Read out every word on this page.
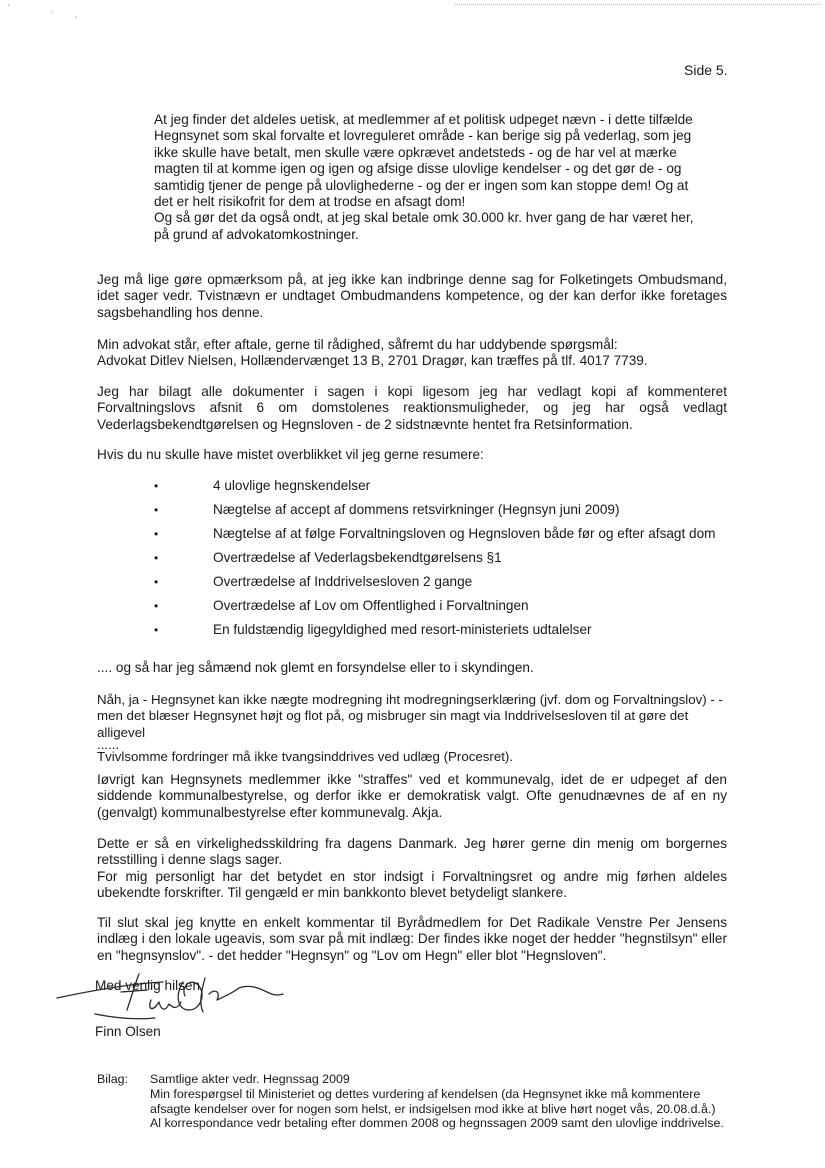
'	·
'
Side 5.

At jeg finder det aldeles uetisk, at medlemmer af et politisk udpeget nævn - i dette tilfælde Hegnsynet som skal forvalte et lovreguleret område - kan berige sig på vederlag, som jeg ikke skulle have betalt, men skulle være opkrævet andetsteds - og de har vel at mærke magten til at komme igen og igen og afsige disse ulovlige kendelser - og det gør de - og samtidig tjener de penge på ulovlighederne - og der er ingen som kan stoppe dem! Og at det er helt risikofrit for dem at trodse en afsagt dom!

Og så gør det da også ondt, at jeg skal betale omk 30.000 kr. hver gang de har været her, på grund af advokatomkostninger.

Jeg må lige gøre opmærksom på, at jeg ikke kan indbringe denne sag for Folketingets Ombudsmand, idet sager vedr. Tvistnævn er undtaget Ombudmandens kompetence, og der kan derfor ikke foretages sagsbehandling hos denne.

Min advokat står, efter aftale, gerne til rådighed, såfremt du har uddybende spørgsmål:

Advokat Ditlev Nielsen, Hollændervænget 13 B, 2701 Dragør, kan træffes på tlf. 4017 7739.

Jeg har bilagt alle dokumenter i sagen i kopi ligesom jeg har vedlagt kopi af kommenteret Forvaltningslovs afsnit 6 om domstolenes reaktionsmuligheder, og jeg har også vedlagt Vederlagsbekendtgørelsen og Hegnsloven - de 2 sidstnævnte hentet fra Retsinformation.

Hvis du nu skulle have mistet overblikket vil jeg gerne resumere:

•	4 ulovlige hegnskendelser
•	Nægtelse af accept af dommens retsvirkninger (Hegnsyn juni 2009)
•	Nægtelse af at følge Forvaltningsloven og Hegnsloven både før og efter afsagt dom
•	Overtrædelse af Vederlagsbekendtgørelsens §1
•	Overtrædelse af Inddrivelsesloven 2 gange
•	Overtrædelse af Lov om Offentlighed i Forvaltningen
•	En fuldstændig ligegyldighed med resort-ministeriets udtalelser

.... og så har jeg såmænd nok glemt en forsyndelse eller to i skyndingen.

Nåh, ja - Hegnsynet kan ikke nægte modregning iht modregningserklæring (jvf. dom og Forvaltningslov) - -

men det blæser Hegnsynet højt og flot på, og misbruger sin magt via Inddrivelsesloven til at gøre det alligevel

......

Tvivlsomme fordringer må ikke tvangsinddrives ved udlæg (Procesret).

Iøvrigt kan Hegnsynets medlemmer ikke "straffes" ved et kommunevalg, idet de er udpeget af den siddende kommunalbestyrelse, og derfor ikke er demokratisk valgt. Ofte genudnævnes de af en ny (genvalgt) kommunalbestyrelse efter kommunevalg. Akja.

Dette er så en virkelighedsskildring fra dagens Danmark. Jeg hører gerne din menig om borgernes retsstilling i denne slags sager.

For mig personligt har det betydet en stor indsigt i Forvaltningsret og andre mig førhen aldeles ubekendte forskrifter. Til gengæld er min bankkonto blevet betydeligt slankere.

Til slut skal jeg knytte en enkelt kommentar til Byrådmedlem for Det Radikale Venstre Per Jensens indlæg i den lokale ugeavis, som svar på mit indlæg: Der findes ikke noget der hedder "hegnstilsyn" eller en "hegnsynslov". - det hedder "Hegnsyn" og "Lov om Hegn" eller blot "Hegnsloven".

Med venlig hilsen
Finn Olsen
Bilag: Samtlige akter vedr. Hegnssag 2009

Min forespørgsel til Ministeriet og dettes vurdering af kendelsen (da Hegnsynet ikke må kommentere afsagte kendelser over for nogen som helst, er indsigelsen mod ikke at blive hørt noget vås, 20.08.d.å.)

Al korrespondance vedr betaling efter dommen 2008 og hegnssagen 2009 samt den ulovlige inddrivelse.
